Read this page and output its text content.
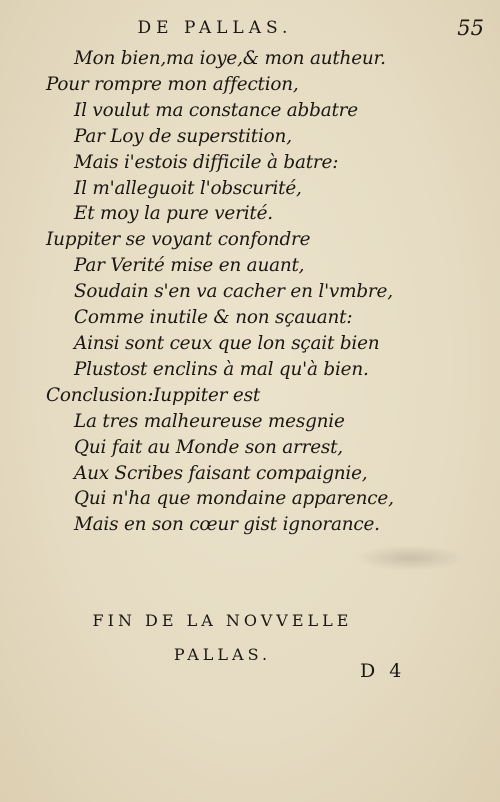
DE PALLAS.	55
Mon bien,ma ioye,& mon autheur.
Pour rompre mon affection,
Il voulut ma constance abbatre
Par Loy de superstition,
Mais i'estois difficile à batre:
Il m'alleguoit l'obscurité,
Et moy la pure verité.
Iuppiter se voyant confondre
Par Verité mise en auant,
Soudain s'en va cacher en l'vmbre,
Comme inutile & non sçauant:
Ainsi sont ceux que lon sçait bien
Plustost enclins à mal qu'à bien.
Conclusion:Iuppiter est
La tres malheureuse mesgnie
Qui fait au Monde son arrest,
Aux Scribes faisant compaignie,
Qui n'ha que mondaine apparence,
Mais en son cœur gist ignorance.
FIN DE LA NOVVELLE
PALLAS.
D 4
